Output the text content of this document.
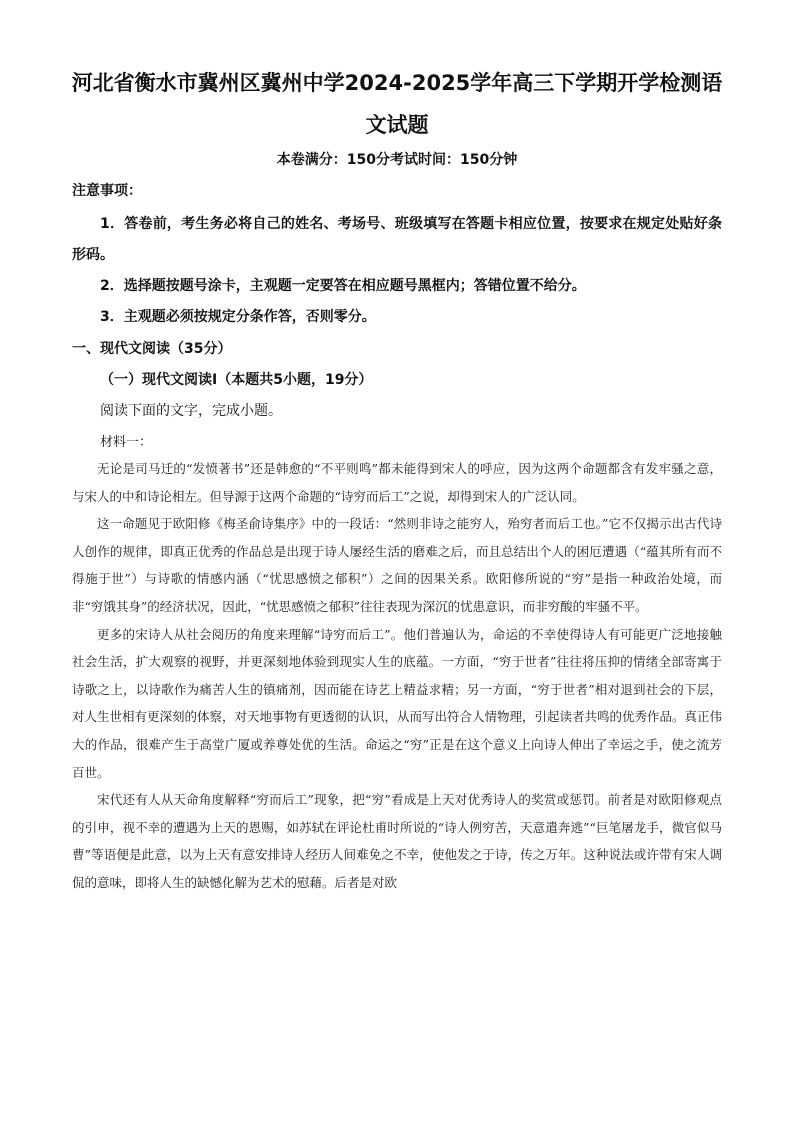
河北省衡水市冀州区冀州中学2024-2025学年高三下学期开学检测语
文试题
本卷满分：150分考试时间：150分钟
注意事项：

1．答卷前，考生务必将自己的姓名、考场号、班级填写在答题卡相应位置，按要求在规定处贴好条形码。

2．选择题按题号涂卡，主观题一定要答在相应题号黑框内；答错位置不给分。

3．主观题必须按规定分条作答，否则零分。

一、现代文阅读（35分）
（一）现代文阅读Ⅰ（本题共5小题，19分）
阅读下面的文字，完成小题。
材料一：

无论是司马迁的“发愤著书”还是韩愈的“不平则鸣”都未能得到宋人的呼应，因为这两个命题都含有发牢骚之意，与宋人的中和诗论相左。但导源于这两个命题的“诗穷而后工”之说，却得到宋人的广泛认同。

这一命题见于欧阳修《梅圣俞诗集序》中的一段话：“然则非诗之能穷人，殆穷者而后工也。”它不仅揭示出古代诗人创作的规律，即真正优秀的作品总是出现于诗人屡经生活的磨难之后，而且总结出个人的困厄遭遇（“蕴其所有而不得施于世”）与诗歌的情感内涵（“忧思感愤之郁积”）之间的因果关系。欧阳修所说的“穷”是指一种政治处境，而非“穷饿其身”的经济状况，因此，“忧思感愤之郁积”往往表现为深沉的忧患意识，而非穷酸的牢骚不平。

更多的宋诗人从社会阅历的角度来理解“诗穷而后工”。他们普遍认为，命运的不幸使得诗人有可能更广泛地接触社会生活，扩大观察的视野，并更深刻地体验到现实人生的底蕴。一方面，“穷于世者”往往将压抑的情绪全部寄寓于诗歌之上，以诗歌作为痛苦人生的镇痛剂，因而能在诗艺上精益求精；另一方面，“穷于世者”相对退到社会的下层，对人生世相有更深刻的体察，对天地事物有更透彻的认识，从而写出符合人情物理，引起读者共鸣的优秀作品。真正伟大的作品，很难产生于高堂广厦或养尊处优的生活。命运之“穷”正是在这个意义上向诗人伸出了幸运之手，使之流芳百世。

宋代还有人从天命角度解释“穷而后工”现象，把“穷”看成是上天对优秀诗人的奖赏或惩罚。前者是对欧阳修观点的引申，视不幸的遭遇为上天的恩赐，如苏轼在评论杜甫时所说的“诗人例穷苦，天意遣奔逃”“巨笔屠龙手，微官似马曹”等语便是此意，以为上天有意安排诗人经历人间难免之不幸，使他发之于诗，传之万年。这种说法或许带有宋人调侃的意味，即将人生的缺憾化解为艺术的慰藉。后者是对欧
